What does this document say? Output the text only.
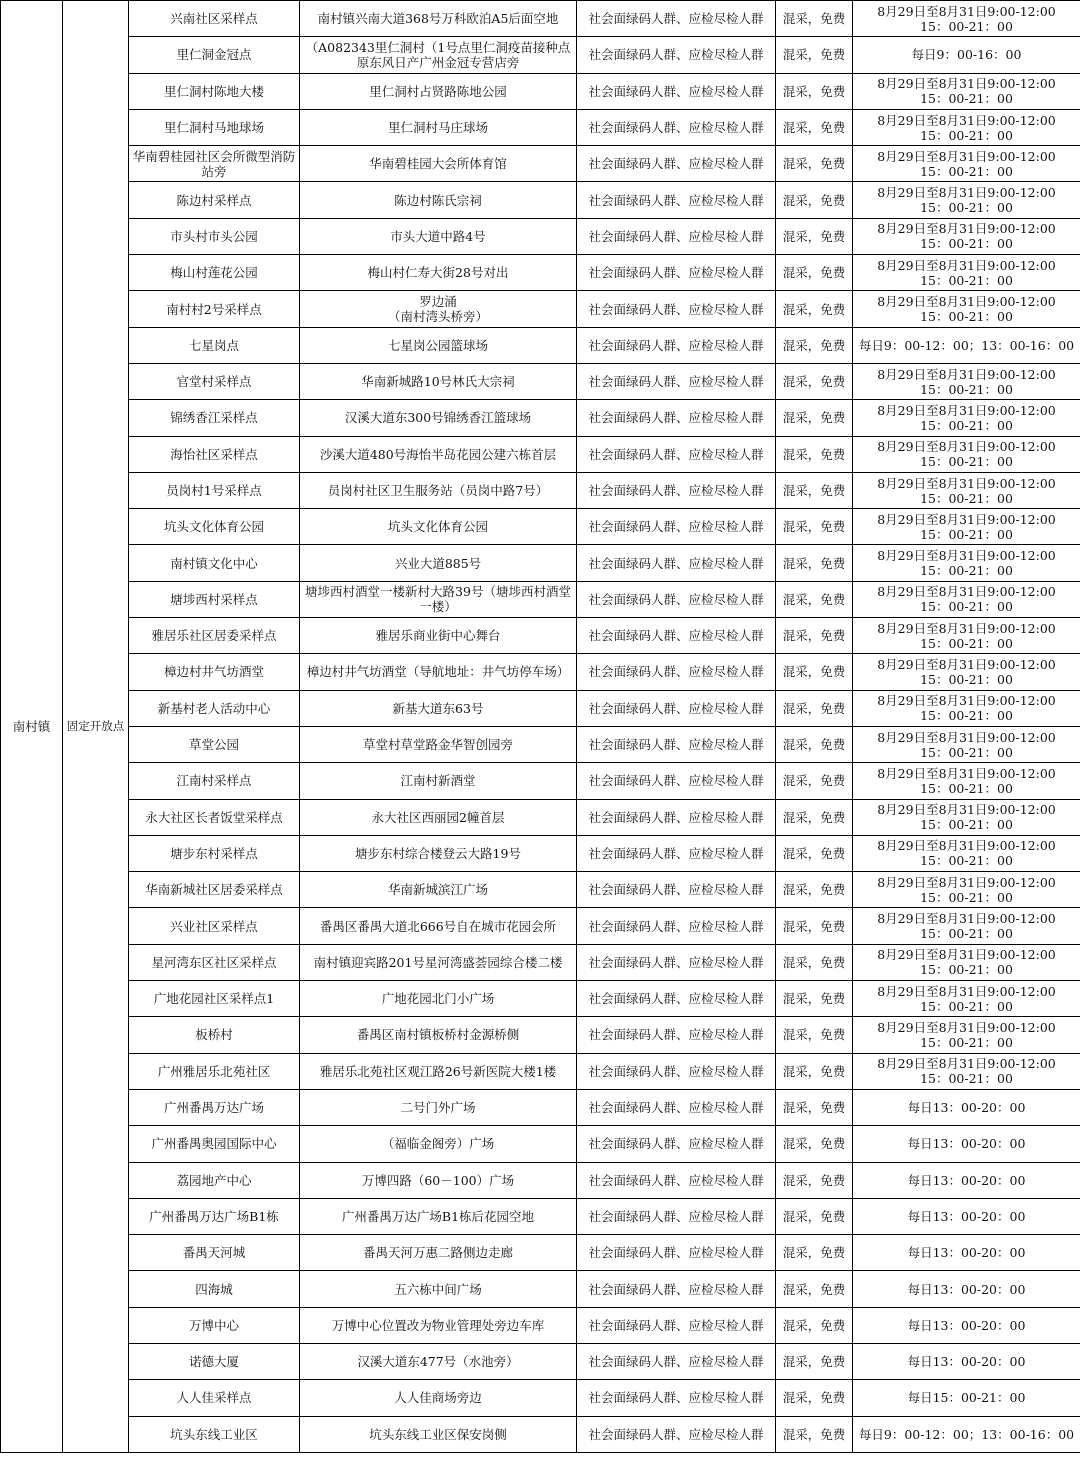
南村镇	固定开放点	兴南社区采样点	南村镇兴南大道368号万科欧泊A5后面空地	社会面绿码人群、应检尽检人群	混采，免费	8月29日至8月31日9:00-12:00
15：00-21：00
		里仁洞金冠点	（A082343里仁洞村（1号点里仁洞疫苗接种点原东风日产广州金冠专营店旁	社会面绿码人群、应检尽检人群	混采，免费	每日9：00-16：00
		里仁洞村陈地大楼	里仁洞村占贤路陈地公园	社会面绿码人群、应检尽检人群	混采，免费	8月29日至8月31日9:00-12:00
15：00-21：00
		里仁洞村马地球场	里仁洞村马庄球场	社会面绿码人群、应检尽检人群	混采，免费	8月29日至8月31日9:00-12:00
15：00-21：00
		华南碧桂园社区会所微型消防站旁	华南碧桂园大会所体育馆	社会面绿码人群、应检尽检人群	混采，免费	8月29日至8月31日9:00-12:00
15：00-21：00
		陈边村采样点	陈边村陈氏宗祠	社会面绿码人群、应检尽检人群	混采，免费	8月29日至8月31日9:00-12:00
15：00-21：00
		市头村市头公园	市头大道中路4号	社会面绿码人群、应检尽检人群	混采，免费	8月29日至8月31日9:00-12:00
15：00-21：00
		梅山村莲花公园	梅山村仁寿大街28号对出	社会面绿码人群、应检尽检人群	混采，免费	8月29日至8月31日9:00-12:00
15：00-21：00
		南村村2号采样点	罗边涌
（南村湾头桥旁）	社会面绿码人群、应检尽检人群	混采，免费	8月29日至8月31日9:00-12:00
15：00-21：00
		七星岗点	七星岗公园篮球场	社会面绿码人群、应检尽检人群	混采，免费	每日9：00-12：00；13：00-16：00
		官堂村采样点	华南新城路10号林氏大宗祠	社会面绿码人群、应检尽检人群	混采，免费	8月29日至8月31日9:00-12:00
15：00-21：00
		锦绣香江采样点	汉溪大道东300号锦绣香江篮球场	社会面绿码人群、应检尽检人群	混采，免费	8月29日至8月31日9:00-12:00
15：00-21：00
		海怡社区采样点	沙溪大道480号海怡半岛花园公建六栋首层	社会面绿码人群、应检尽检人群	混采，免费	8月29日至8月31日9:00-12:00
15：00-21：00
		员岗村1号采样点	员岗村社区卫生服务站（员岗中路7号）	社会面绿码人群、应检尽检人群	混采，免费	8月29日至8月31日9:00-12:00
15：00-21：00
		坑头文化体育公园	坑头文化体育公园	社会面绿码人群、应检尽检人群	混采，免费	8月29日至8月31日9:00-12:00
15：00-21：00
		南村镇文化中心	兴业大道885号	社会面绿码人群、应检尽检人群	混采，免费	8月29日至8月31日9:00-12:00
15：00-21：00
		塘埗西村采样点	塘埗西村酒堂一楼新村大路39号（塘埗西村酒堂一楼）	社会面绿码人群、应检尽检人群	混采，免费	8月29日至8月31日9:00-12:00
15：00-21：00
		雅居乐社区居委采样点	雅居乐商业街中心舞台	社会面绿码人群、应检尽检人群	混采，免费	8月29日至8月31日9:00-12:00
15：00-21：00
		樟边村井气坊酒堂	樟边村井气坊酒堂（导航地址：井气坊停车场）	社会面绿码人群、应检尽检人群	混采，免费	8月29日至8月31日9:00-12:00
15：00-21：00
		新基村老人活动中心	新基大道东63号	社会面绿码人群、应检尽检人群	混采，免费	8月29日至8月31日9:00-12:00
15：00-21：00
		草堂公园	草堂村草堂路金华智创园旁	社会面绿码人群、应检尽检人群	混采，免费	8月29日至8月31日9:00-12:00
15：00-21：00
		江南村采样点	江南村新酒堂	社会面绿码人群、应检尽检人群	混采，免费	8月29日至8月31日9:00-12:00
15：00-21：00
		永大社区长者饭堂采样点	永大社区西丽园2幢首层	社会面绿码人群、应检尽检人群	混采，免费	8月29日至8月31日9:00-12:00
15：00-21：00
		塘步东村采样点	塘步东村综合楼登云大路19号	社会面绿码人群、应检尽检人群	混采，免费	8月29日至8月31日9:00-12:00
15：00-21：00
		华南新城社区居委采样点	华南新城滨江广场	社会面绿码人群、应检尽检人群	混采，免费	8月29日至8月31日9:00-12:00
15：00-21：00
		兴业社区采样点	番禺区番禺大道北666号自在城市花园会所	社会面绿码人群、应检尽检人群	混采，免费	8月29日至8月31日9:00-12:00
15：00-21：00
		星河湾东区社区采样点	南村镇迎宾路201号星河湾盛荟园综合楼二楼	社会面绿码人群、应检尽检人群	混采，免费	8月29日至8月31日9:00-12:00
15：00-21：00
		广地花园社区采样点1	广地花园北门小广场	社会面绿码人群、应检尽检人群	混采，免费	8月29日至8月31日9:00-12:00
15：00-21：00
		板桥村	番禺区南村镇板桥村金源桥侧	社会面绿码人群、应检尽检人群	混采，免费	8月29日至8月31日9:00-12:00
15：00-21：00
		广州雅居乐北苑社区	雅居乐北苑社区观江路26号新医院大楼1楼	社会面绿码人群、应检尽检人群	混采，免费	8月29日至8月31日9:00-12:00
15：00-21：00
		广州番禺万达广场	二号门外广场	社会面绿码人群、应检尽检人群	混采，免费	每日13：00-20：00
		广州番禺奥园国际中心	（福临金阁旁）广场	社会面绿码人群、应检尽检人群	混采，免费	每日13：00-20：00
		荔园地产中心	万博四路（60－100）广场	社会面绿码人群、应检尽检人群	混采，免费	每日13：00-20：00
		广州番禺万达广场B1栋	广州番禺万达广场B1栋后花园空地	社会面绿码人群、应检尽检人群	混采，免费	每日13：00-20：00
		番禺天河城	番禺天河万惠二路侧边走廊	社会面绿码人群、应检尽检人群	混采，免费	每日13：00-20：00
		四海城	五六栋中间广场	社会面绿码人群、应检尽检人群	混采，免费	每日13：00-20：00
		万博中心	万博中心位置改为物业管理处旁边车库	社会面绿码人群、应检尽检人群	混采，免费	每日13：00-20：00
		诺德大厦	汉溪大道东477号（水池旁）	社会面绿码人群、应检尽检人群	混采，免费	每日13：00-20：00
		人人佳采样点	人人佳商场旁边	社会面绿码人群、应检尽检人群	混采，免费	每日15：00-21：00
		坑头东线工业区	坑头东线工业区保安岗侧	社会面绿码人群、应检尽检人群	混采，免费	每日9：00-12：00；13：00-16：00
